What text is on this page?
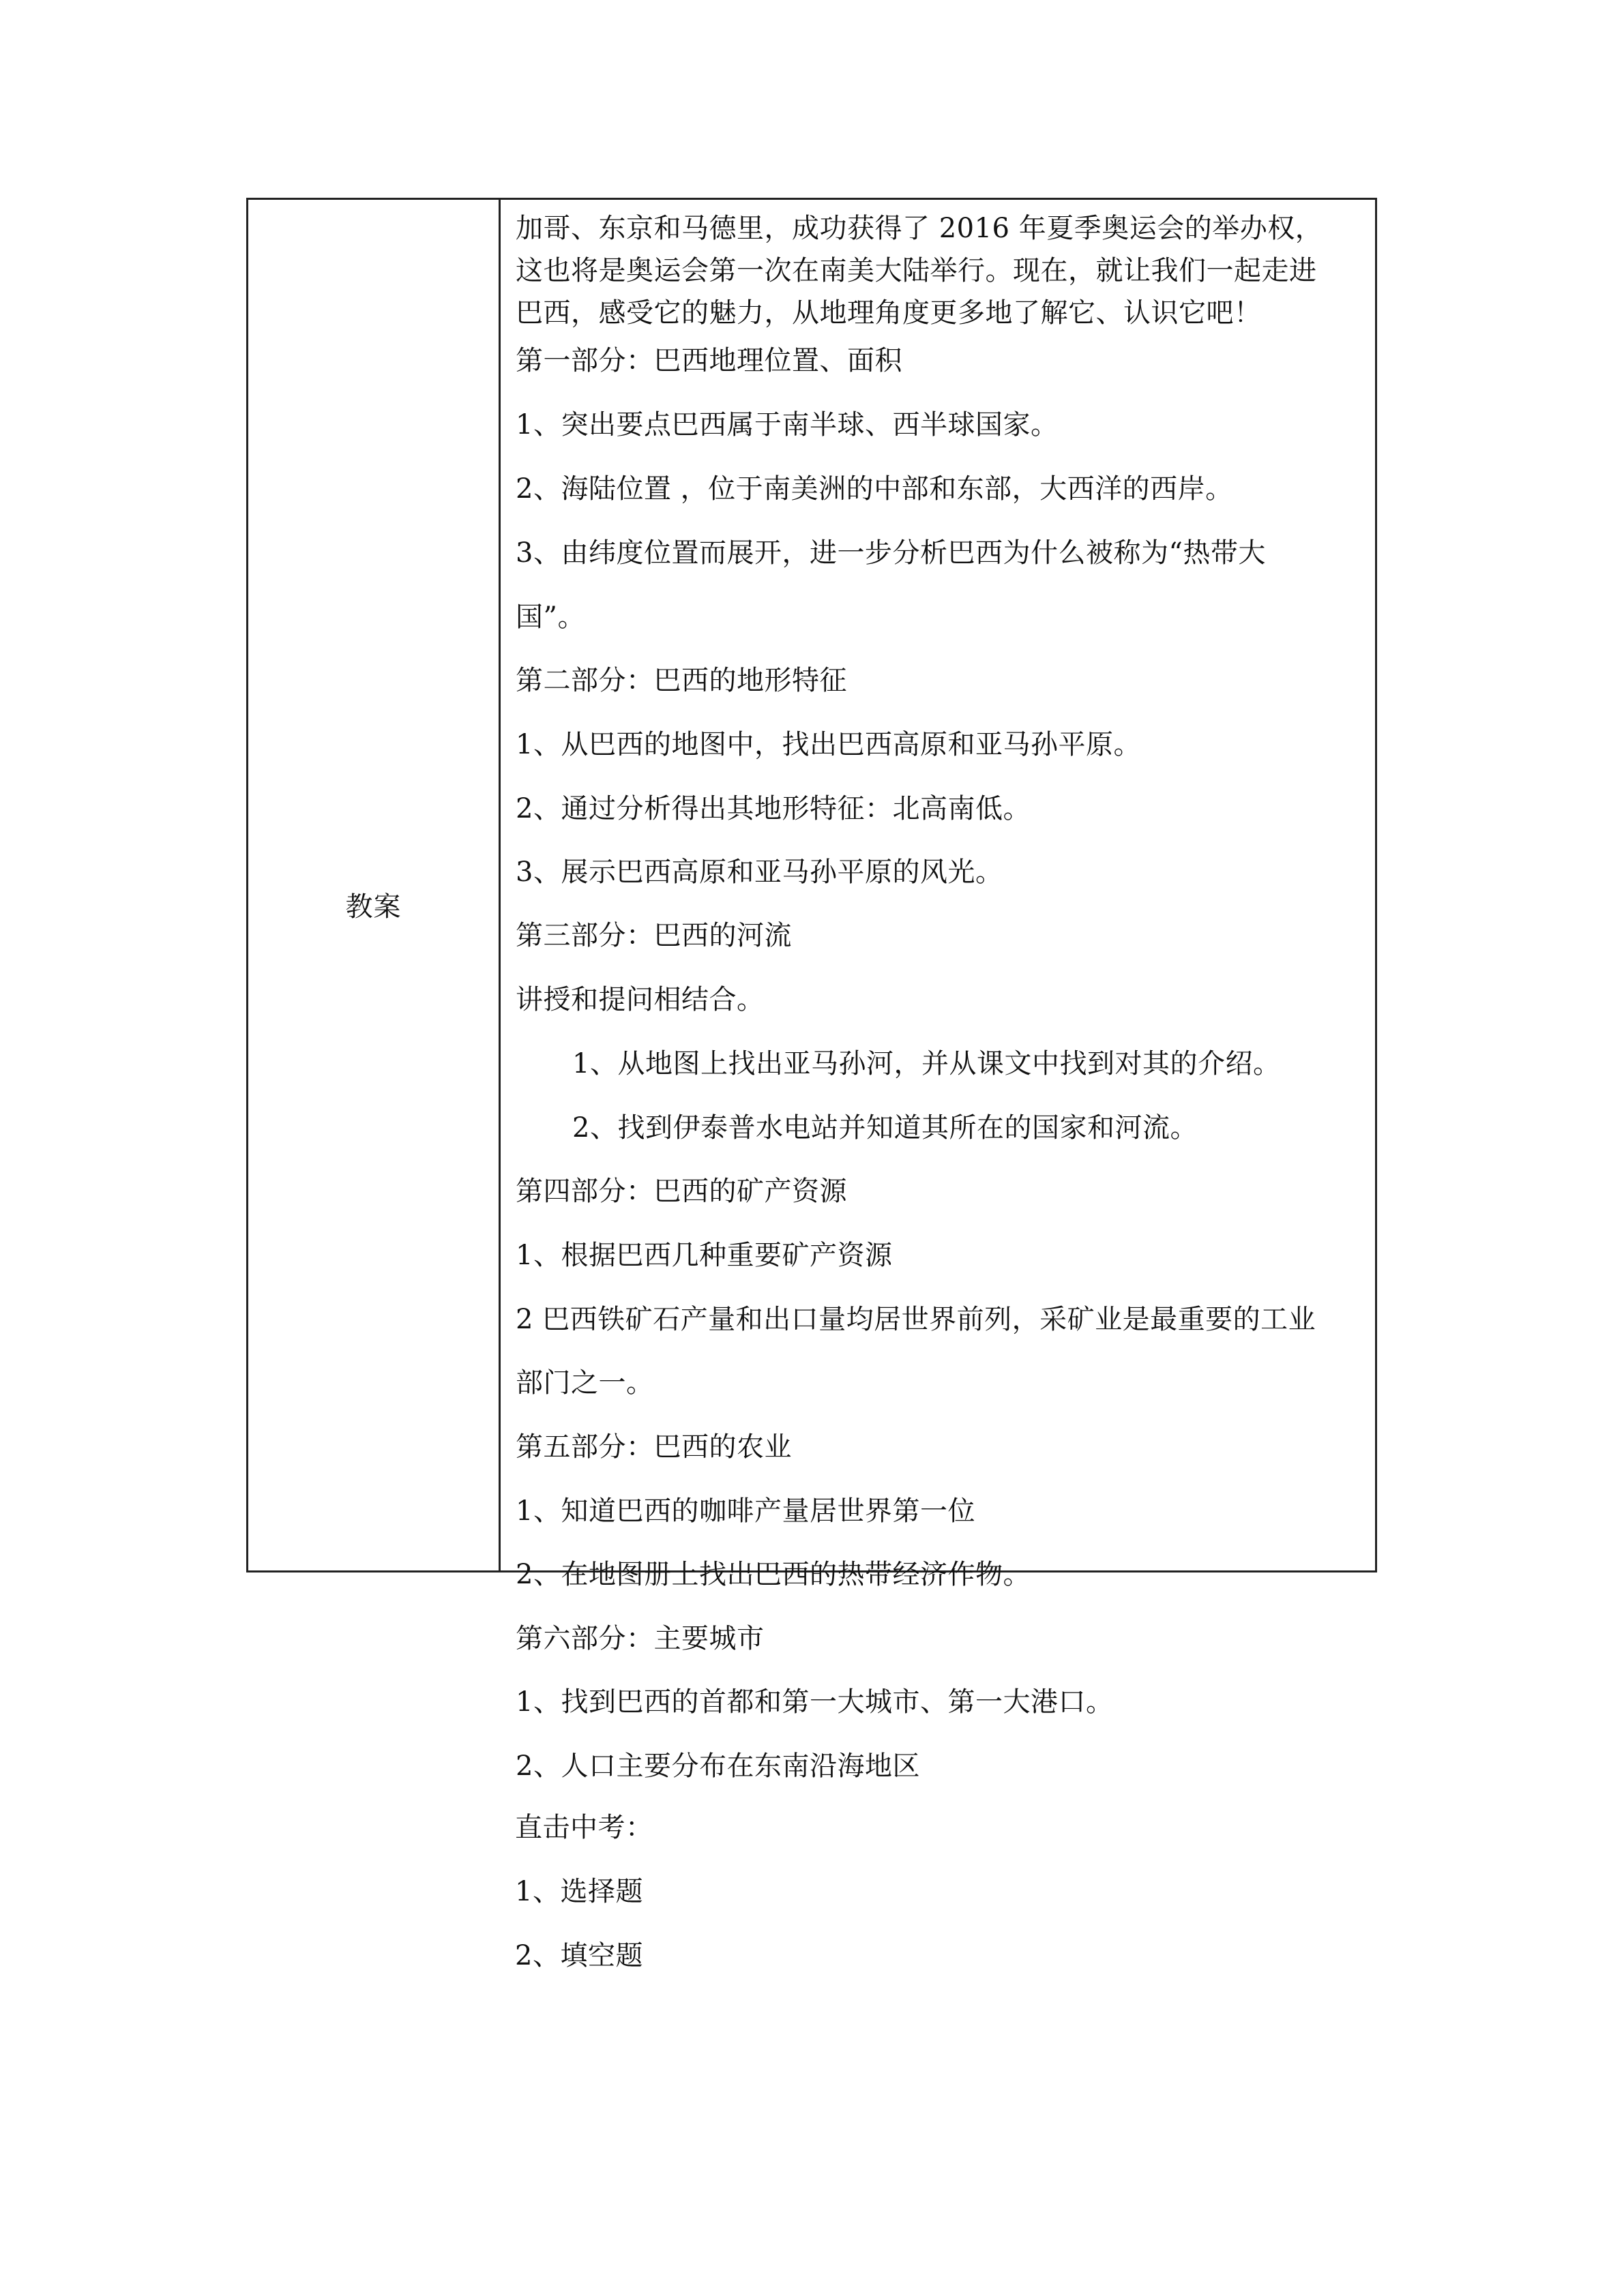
教案
加哥、东京和马德里，成功获得了 2016 年夏季奥运会的举办权，
这也将是奥运会第一次在南美大陆举行。现在，就让我们一起走进
巴西，感受它的魅力，从地理角度更多地了解它、认识它吧！
第一部分：巴西地理位置、面积
1、突出要点巴西属于南半球、西半球国家。
2、海陆位置 ，位于南美洲的中部和东部，大西洋的西岸。
3、由纬度位置而展开，进一步分析巴西为什么被称为“热带大
国”。
第二部分：巴西的地形特征
1、从巴西的地图中，找出巴西高原和亚马孙平原。
2、通过分析得出其地形特征：北高南低。
3、展示巴西高原和亚马孙平原的风光。
第三部分：巴西的河流
讲授和提问相结合。
1、从地图上找出亚马孙河，并从课文中找到对其的介绍。
2、找到伊泰普水电站并知道其所在的国家和河流。
第四部分：巴西的矿产资源
1、根据巴西几种重要矿产资源
2 巴西铁矿石产量和出口量均居世界前列，采矿业是最重要的工业
部门之一。
第五部分：巴西的农业
1、知道巴西的咖啡产量居世界第一位
2、在地图册上找出巴西的热带经济作物。
第六部分：主要城市
1、找到巴西的首都和第一大城市、第一大港口。
2、人口主要分布在东南沿海地区
直击中考：
1、选择题
2、填空题
